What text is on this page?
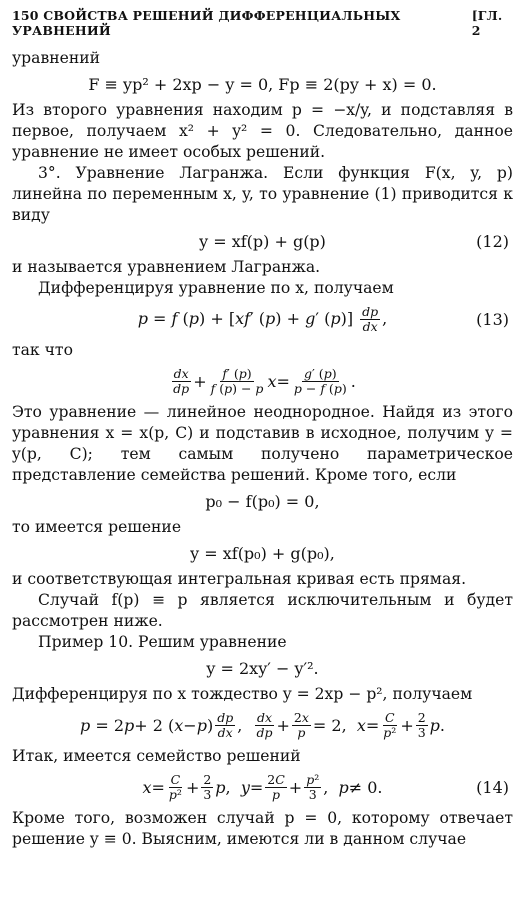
150 СВОЙСТВА РЕШЕНИЙ ДИФФЕРЕНЦИАЛЬНЫХ УРАВНЕНИЙ
[ГЛ. 2

уравнений

F ≡ yp² + 2xp − y = 0, Fp ≡ 2(py + x) = 0.

Из второго уравнения находим p = −x/y, и подставляя в первое, получаем x² + y² = 0. Следовательно, данное уравнение не имеет особых решений.

3°. Уравнение Лагранжа. Если функция F(x, y, p) линейна по переменным x, y, то уравнение (1) приводится к виду

y = xf(p) + g(p)	(12)

и называется уравнением Лагранжа.

Дифференцируя уравнение по x, получаем

p = f (p) + [xf′ (p) + g′ $(p)] \frac{dp}{dx}$ ,	(13)

так что

$\frac{dx}{dp} + \frac{f' (p)}{f (p) - p}$ $x = \frac{g' (p)}{p - f (p)}$ .

Это уравнение — линейное неоднородное. Найдя из этого уравнения x = x(p, C) и подставив в исходное, получим y = y(p, C); тем самым получено параметрическое представление семейства решений. Кроме того, если

p₀ − f(p₀) = 0,

то имеется решение

y = xf(p₀) + g(p₀),

и соответствующая интегральная кривая есть прямая.

Случай f(p) ≡ p является исключительным и будет рассмотрен ниже.

Пример 10. Решим уравнение

y = 2xy′ − y′².

Дифференцируя по x тождество y = 2xp − p², получаем

p = 2 p + 2 ( x − p ) $\frac{dp}{dx}$ , $\frac{dx}{dp} + \frac{2x}{p} = 2$, $x = \frac{C}{\text{p²}} + \frac{2}{3}$ p .

Итак, имеется семейство решений

$x = \frac{C}{\text{p²}} + \frac{2}{3}$ p , $y = \frac{2C}{p} + \frac{\text{p²}}{3}$ , p ≠ 0.	(14)

Кроме того, возможен случай p = 0, которому отвечает решение y ≡ 0. Выясним, имеются ли в данном случае
